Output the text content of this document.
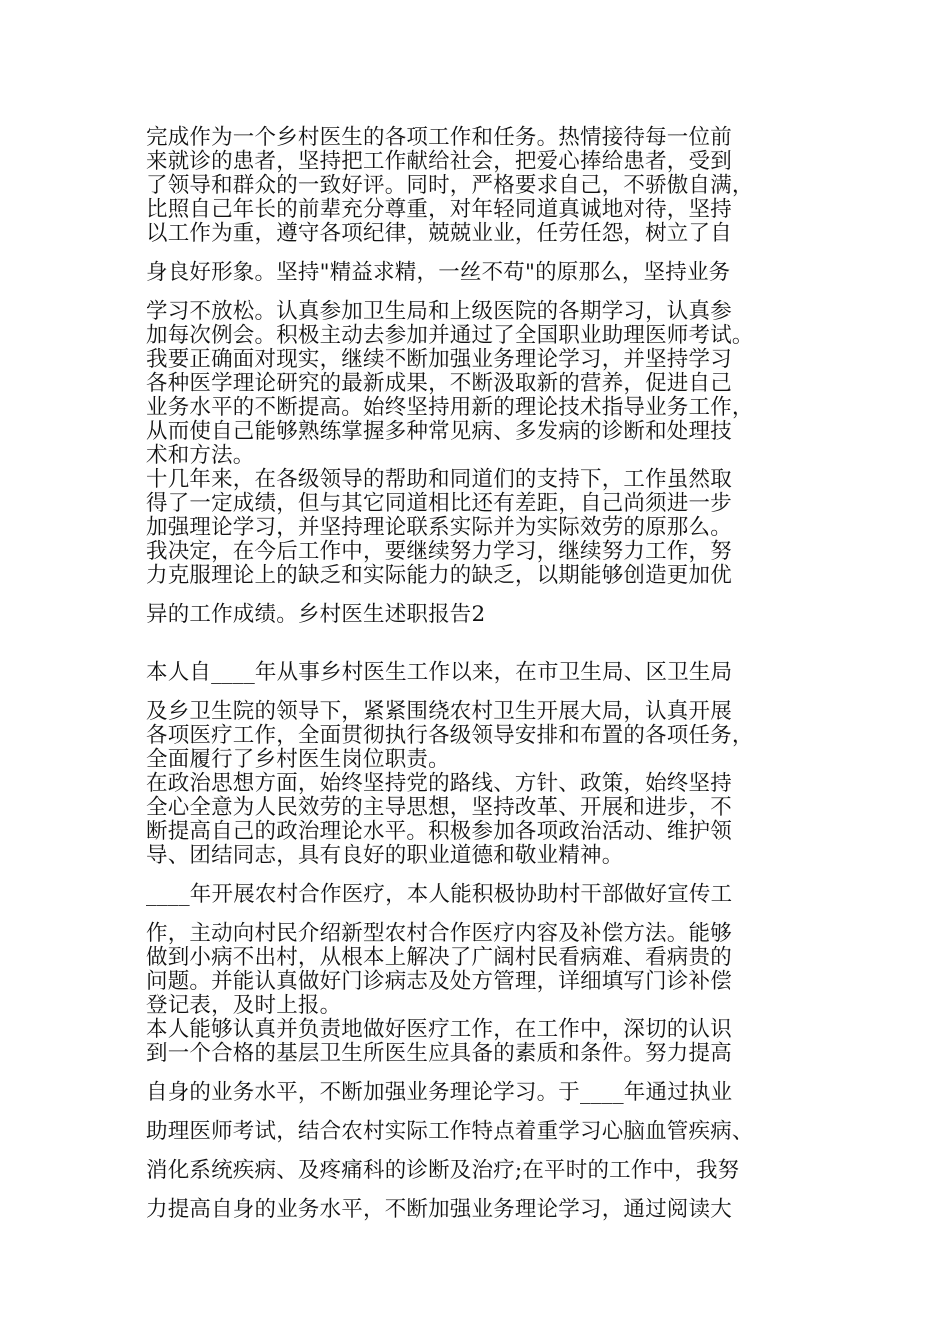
完成作为一个乡村医生的各项工作和任务。热情接待每一位前
来就诊的患者，坚持把工作献给社会，把爱心捧给患者，受到
了领导和群众的一致好评。同时，严格要求自己，不骄傲自满，
比照自己年长的前辈充分尊重，对年轻同道真诚地对待，坚持
以工作为重，遵守各项纪律，兢兢业业，任劳任怨，树立了自
身良好形象。坚持"精益求精，一丝不苟"的原那么，坚持业务
学习不放松。认真参加卫生局和上级医院的各期学习，认真参
加每次例会。积极主动去参加并通过了全国职业助理医师考试。
我要正确面对现实，继续不断加强业务理论学习，并坚持学习
各种医学理论研究的最新成果，不断汲取新的营养，促进自己
业务水平的不断提高。始终坚持用新的理论技术指导业务工作，
从而使自己能够熟练掌握多种常见病、多发病的诊断和处理技
术和方法。
十几年来，在各级领导的帮助和同道们的支持下，工作虽然取
得了一定成绩，但与其它同道相比还有差距，自己尚须进一步
加强理论学习，并坚持理论联系实际并为实际效劳的原那么。
我决定，在今后工作中，要继续努力学习，继续努力工作，努
力克服理论上的缺乏和实际能力的缺乏，以期能够创造更加优
异的工作成绩。乡村医生述职报告2
本人自____年从事乡村医生工作以来，在市卫生局、区卫生局
及乡卫生院的领导下，紧紧围绕农村卫生开展大局，认真开展
各项医疗工作，全面贯彻执行各级领导安排和布置的各项任务，
全面履行了乡村医生岗位职责。
在政治思想方面，始终坚持党的路线、方针、政策，始终坚持
全心全意为人民效劳的主导思想，坚持改革、开展和进步，不
断提高自己的政治理论水平。积极参加各项政治活动、维护领
导、团结同志，具有良好的职业道德和敬业精神。
____年开展农村合作医疗，本人能积极协助村干部做好宣传工
作，主动向村民介绍新型农村合作医疗内容及补偿方法。能够
做到小病不出村，从根本上解决了广阔村民看病难、看病贵的
问题。并能认真做好门诊病志及处方管理，详细填写门诊补偿
登记表，及时上报。
本人能够认真并负责地做好医疗工作，在工作中，深切的认识
到一个合格的基层卫生所医生应具备的素质和条件。努力提高
自身的业务水平，不断加强业务理论学习。于____年通过执业
助理医师考试，结合农村实际工作特点着重学习心脑血管疾病、
消化系统疾病、及疼痛科的诊断及治疗;在平时的工作中，我努
力提高自身的业务水平，不断加强业务理论学习，通过阅读大
